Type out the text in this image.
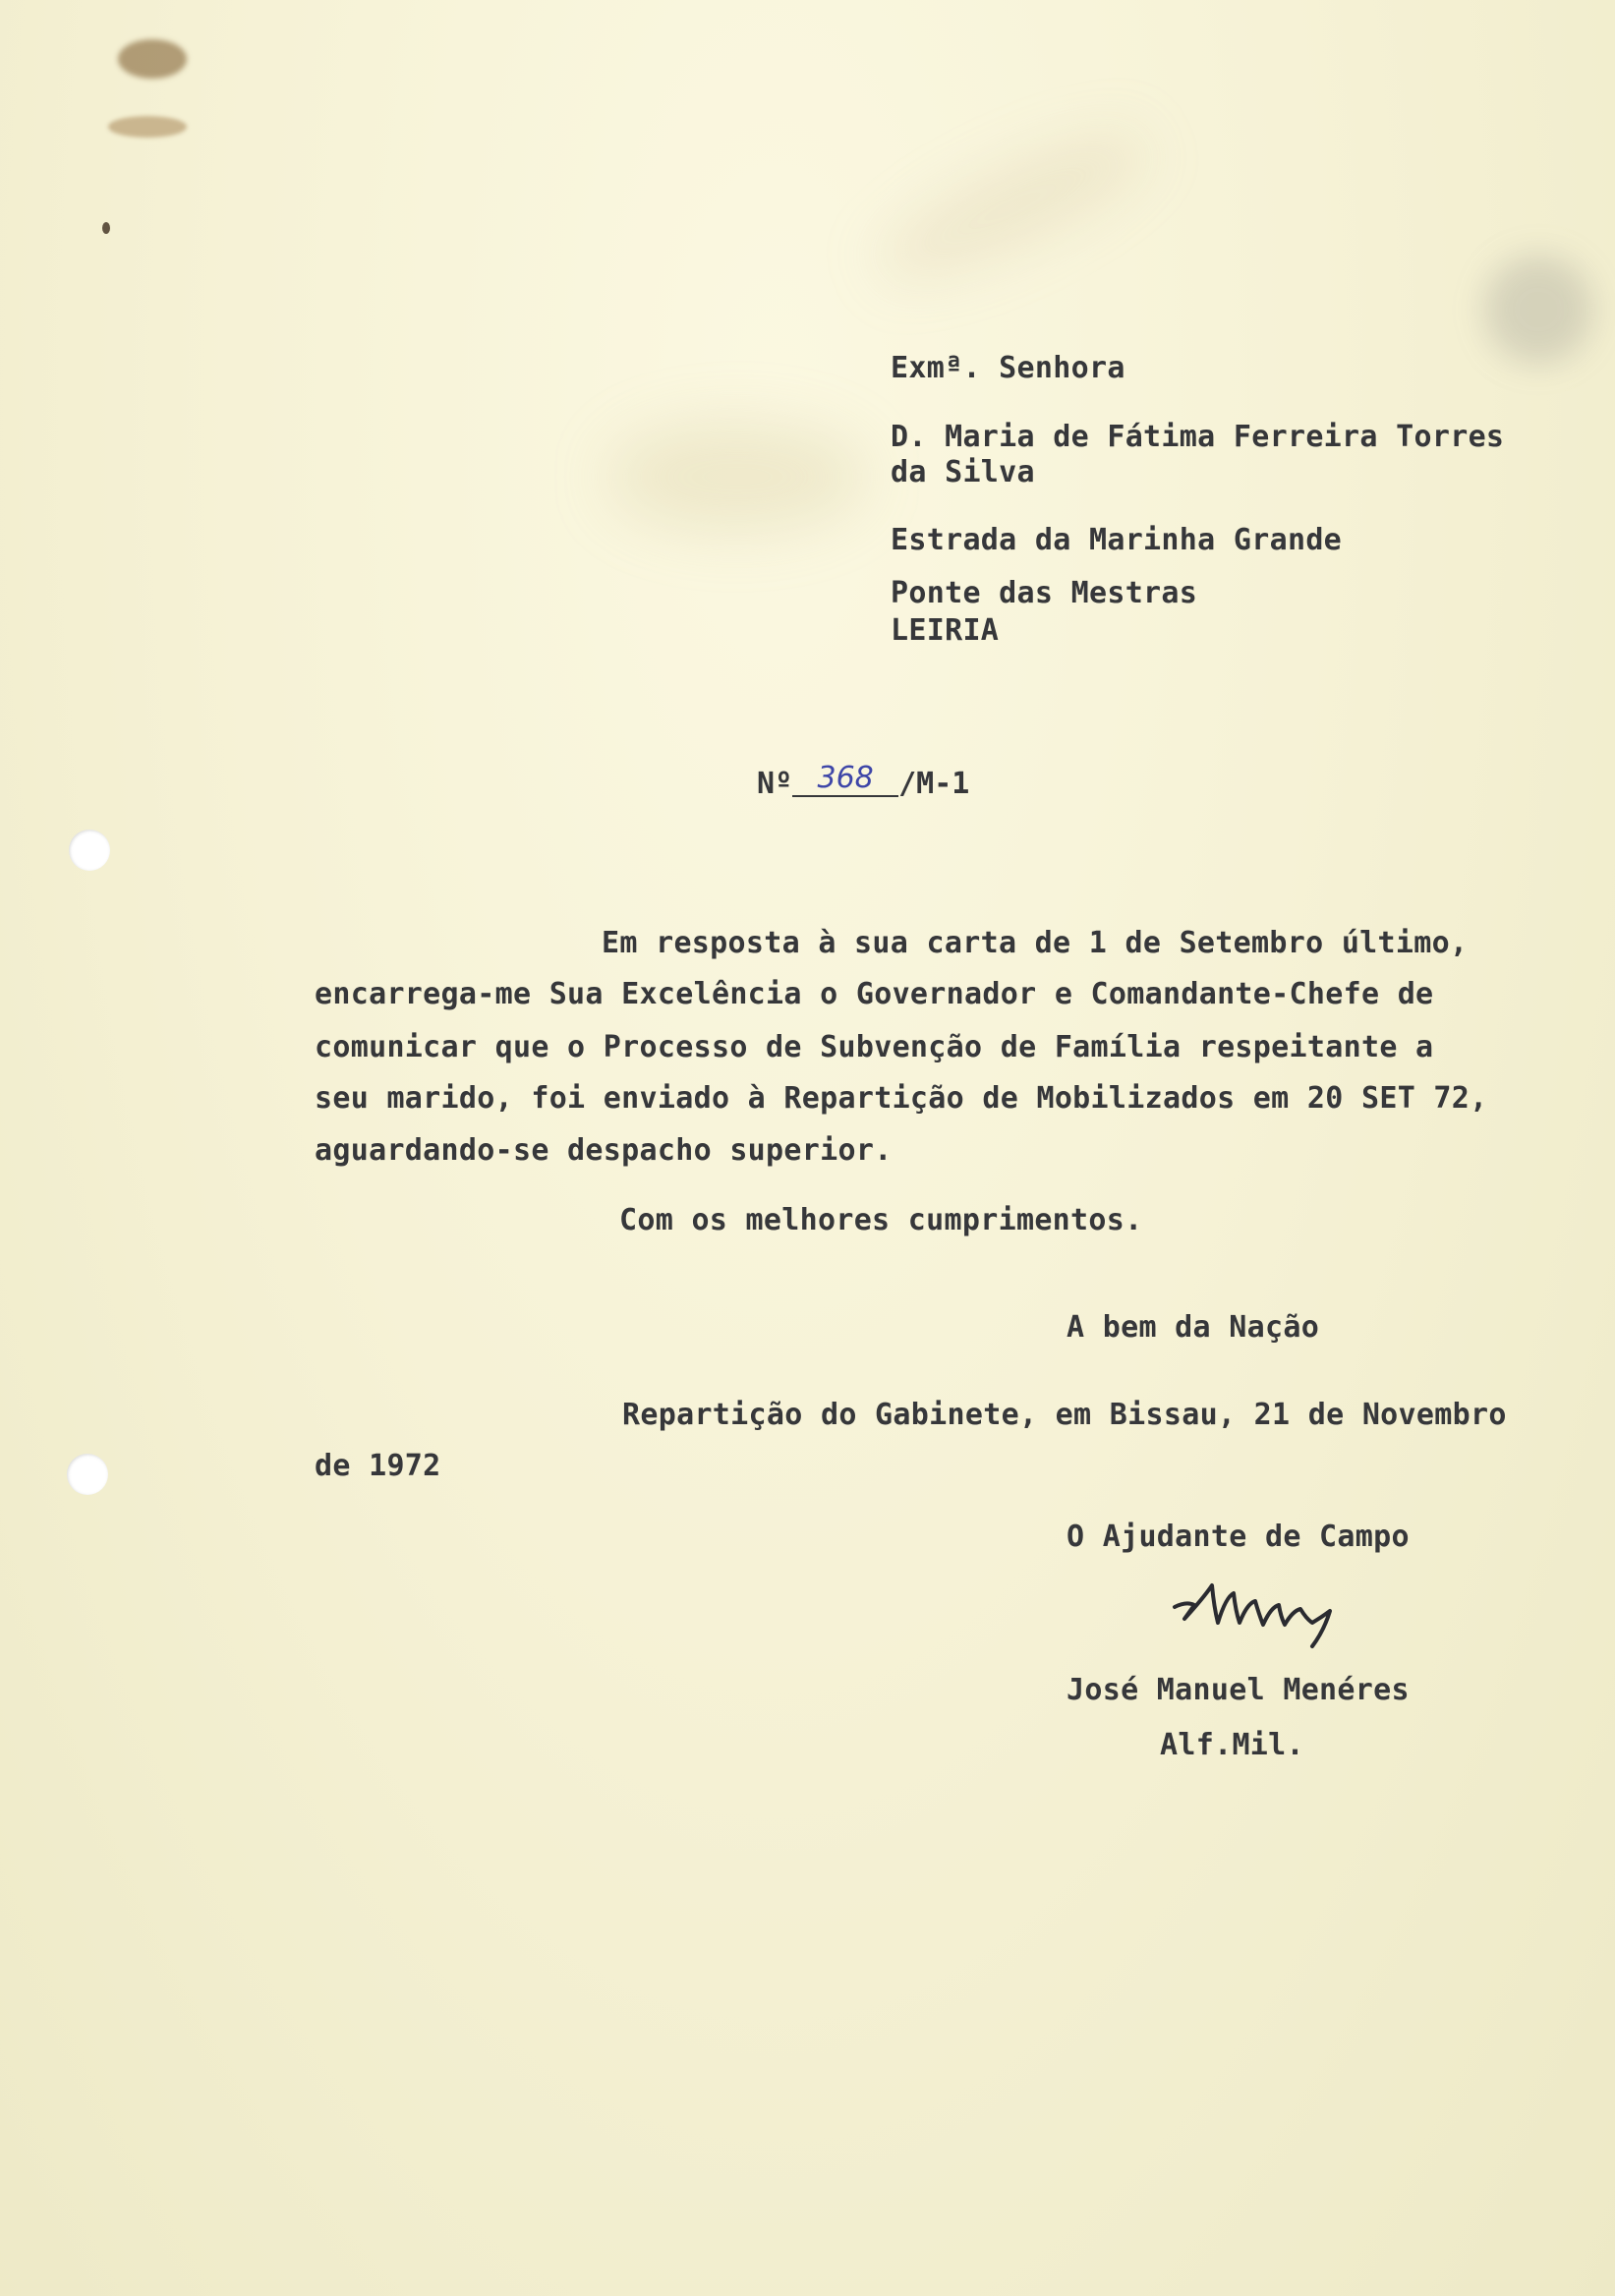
Exmª. Senhora
D. Maria de Fátima Ferreira Torres
da Silva
Estrada da Marinha Grande
Ponte das Mestras
LEIRIA
Nº 368 /M-1
Em resposta à sua carta de 1 de Setembro último,
encarrega-me Sua Excelência o Governador e Comandante-Chefe de
comunicar que o Processo de Subvenção de Família respeitante a
seu marido, foi enviado à Repartição de Mobilizados em 20 SET 72,
aguardando-se despacho superior.
Com os melhores cumprimentos.
A bem da Nação
Repartição do Gabinete, em Bissau, 21 de Novembro
de 1972
O Ajudante de Campo
José Manuel Menéres
Alf.Mil.
